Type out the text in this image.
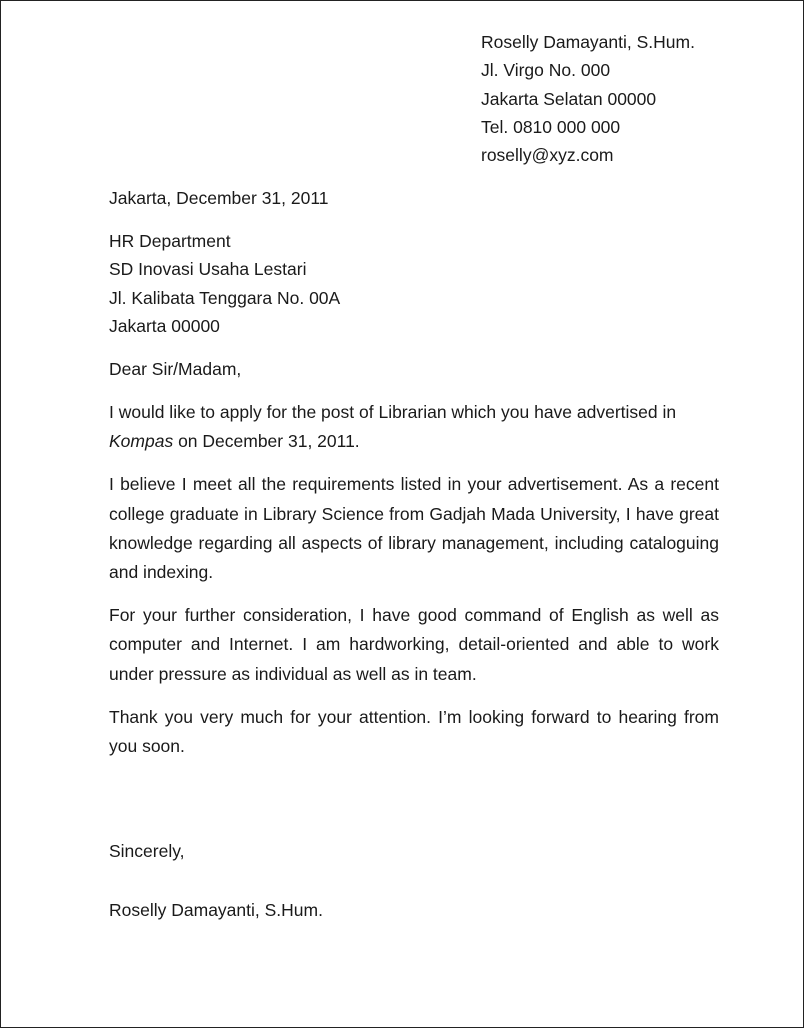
Roselly Damayanti, S.Hum.
Jl. Virgo No. 000
Jakarta Selatan 00000
Tel. 0810 000 000
roselly@xyz.com
Jakarta, December 31, 2011
HR Department
SD Inovasi Usaha Lestari
Jl. Kalibata Tenggara No. 00A
Jakarta 00000
Dear Sir/Madam,

I would like to apply for the post of Librarian which you have advertised in Kompas on December 31, 2011.

I believe I meet all the requirements listed in your advertisement. As a recent college graduate in Library Science from Gadjah Mada University, I have great knowledge regarding all aspects of library management, including cataloguing and indexing.

For your further consideration, I have good command of English as well as computer and Internet. I am hardworking, detail-oriented and able to work under pressure as individual as well as in team.

Thank you very much for your attention. I’m looking forward to hearing from you soon.

Sincerely,
Roselly Damayanti, S.Hum.
